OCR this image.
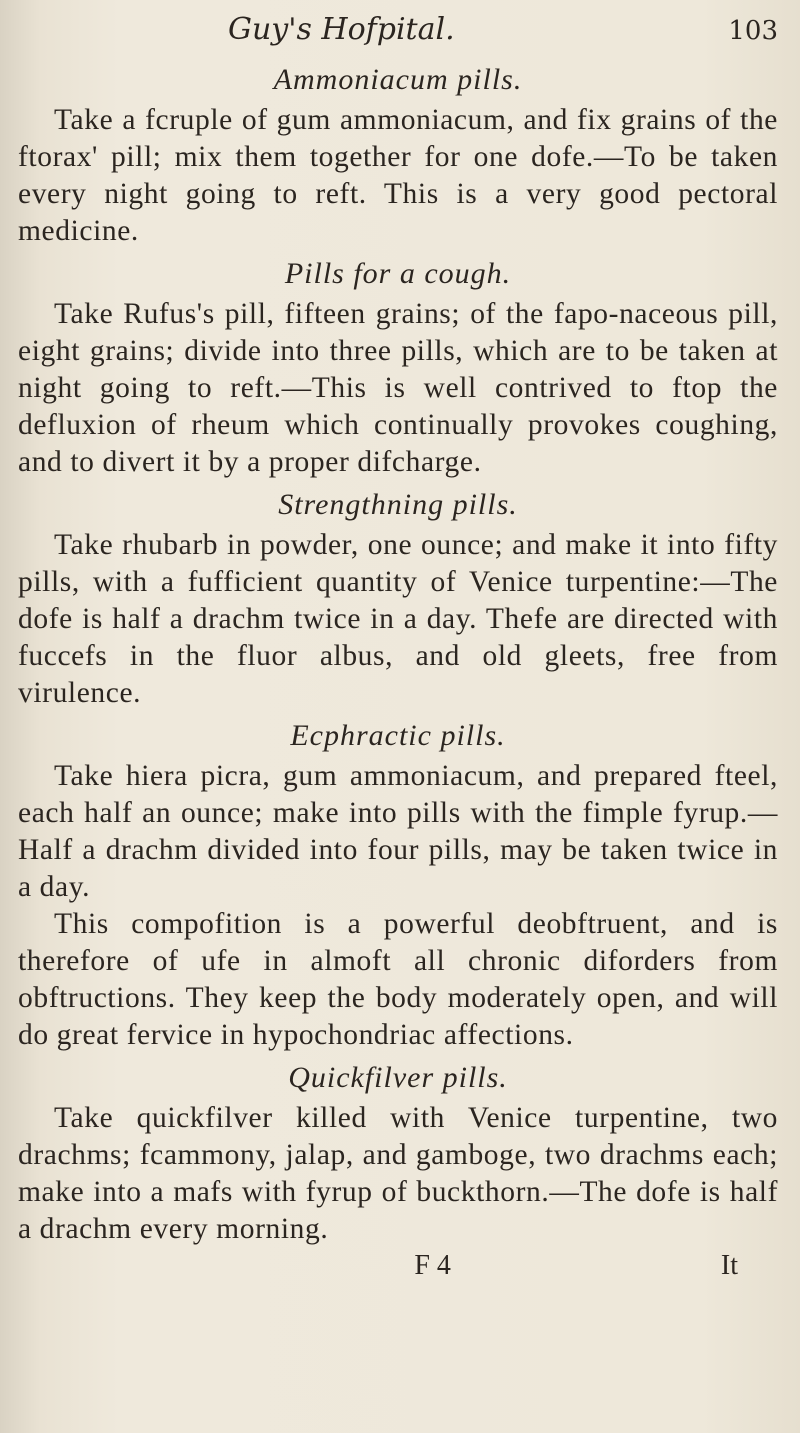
Guy's Hofpital.	103
Ammoniacum pills.

Take a fcruple of gum ammoniacum, and fix grains of the ftorax' pill; mix them together for one dofe.—To be taken every night going to reft. This is a very good pectoral medicine.

Pills for a cough.

Take Rufus's pill, fifteen grains; of the fapo-naceous pill, eight grains; divide into three pills, which are to be taken at night going to reft.—This is well contrived to ftop the defluxion of rheum which continually provokes coughing, and to divert it by a proper difcharge.

Strengthning pills.

Take rhubarb in powder, one ounce; and make it into fifty pills, with a fufficient quantity of Venice turpentine:—The dofe is half a drachm twice in a day. Thefe are directed with fuccefs in the fluor albus, and old gleets, free from virulence.

Ecphractic pills.

Take hiera picra, gum ammoniacum, and prepared fteel, each half an ounce; make into pills with the fimple fyrup.—Half a drachm divided into four pills, may be taken twice in a day.

This compofition is a powerful deobftruent, and is therefore of ufe in almoft all chronic diforders from obftructions. They keep the body moderately open, and will do great fervice in hypochondriac affections.

Quickfilver pills.

Take quickfilver killed with Venice turpentine, two drachms; fcammony, jalap, and gamboge, two drachms each; make into a mafs with fyrup of buckthorn.—The dofe is half a drachm every morning.

F 4	It
